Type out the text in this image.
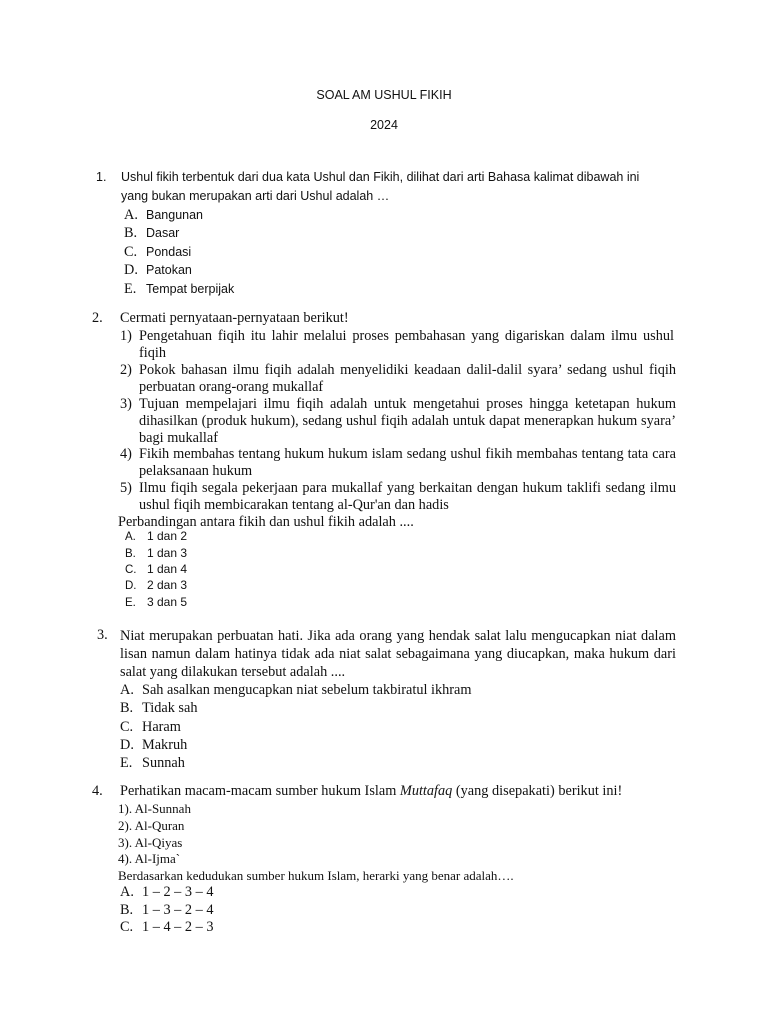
SOAL AM USHUL FIKIH
2024
1. Ushul fikih terbentuk dari dua kata Ushul dan Fikih, dilihat dari arti Bahasa kalimat dibawah ini
yang bukan merupakan arti dari Ushul adalah …
A. Bangunan
B. Dasar
C. Pondasi
D. Patokan
E. Tempat berpijak
2. Cermati pernyataan-pernyataan berikut!
1) Pengetahuan fiqih itu lahir melalui proses pembahasan yang digariskan dalam ilmu ushul fiqih
2) Pokok bahasan ilmu fiqih adalah menyelidiki keadaan dalil-dalil syara’ sedang ushul fiqih perbuatan orang-orang mukallaf
3) Tujuan mempelajari ilmu fiqih adalah untuk mengetahui proses hingga ketetapan hukum dihasilkan (produk hukum), sedang ushul fiqih adalah untuk dapat menerapkan hukum syara’ bagi mukallaf
4) Fikih membahas tentang hukum hukum islam sedang ushul fikih membahas tentang tata cara pelaksanaan hukum
5) Ilmu fiqih segala pekerjaan para mukallaf yang berkaitan dengan hukum taklifi sedang ilmu ushul fiqih membicarakan tentang al-Qur'an dan hadis
Perbandingan antara fikih dan ushul fikih adalah ....
A. 1 dan 2
B. 1 dan 3
C. 1 dan 4
D. 2 dan 3
E. 3 dan 5
3. Niat merupakan perbuatan hati. Jika ada orang yang hendak salat lalu mengucapkan niat dalam lisan namun dalam hatinya tidak ada niat salat sebagaimana yang diucapkan, maka hukum dari salat yang dilakukan tersebut adalah ....
A. Sah asalkan mengucapkan niat sebelum takbiratul ikhram
B. Tidak sah
C. Haram
D. Makruh
E. Sunnah
4. Perhatikan macam-macam sumber hukum Islam Muttafaq (yang disepakati) berikut ini!
1). Al-Sunnah
2). Al-Quran
3). Al-Qiyas
4). Al-Ijma`
Berdasarkan kedudukan sumber hukum Islam, herarki yang benar adalah….
A. 1 – 2 – 3 – 4
B. 1 – 3 – 2 – 4
C. 1 – 4 – 2 – 3
